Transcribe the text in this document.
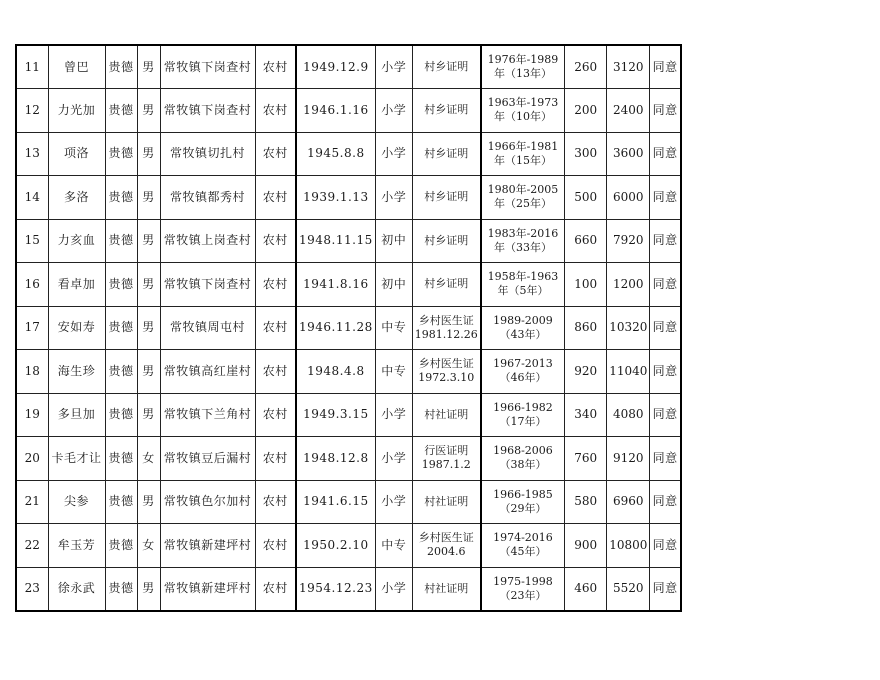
11	曾巴	贵德	男	常牧镇下岗查村	农村	1949.12.9	小学	村乡证明	1976年-1989年（13年）	260	3120	同意
12	力光加	贵德	男	常牧镇下岗查村	农村	1946.1.16	小学	村乡证明	1963年-1973年（10年）	200	2400	同意
13	项洛	贵德	男	常牧镇切扎村	农村	1945.8.8	小学	村乡证明	1966年-1981年（15年）	300	3600	同意
14	多洛	贵德	男	常牧镇都秀村	农村	1939.1.13	小学	村乡证明	1980年-2005年（25年）	500	6000	同意
15	力亥血	贵德	男	常牧镇上岗查村	农村	1948.11.15	初中	村乡证明	1983年-2016年（33年）	660	7920	同意
16	看卓加	贵德	男	常牧镇下岗查村	农村	1941.8.16	初中	村乡证明	1958年-1963年（5年）	100	1200	同意
17	安如寿	贵德	男	常牧镇周屯村	农村	1946.11.28	中专	乡村医生证1981.12.26	1989-2009　（43年）	860	10320	同意
18	海生珍	贵德	男	常牧镇高红崖村	农村	1948.4.8	中专	乡村医生证1972.3.10	1967-2013　（46年）	920	11040	同意
19	多旦加	贵德	男	常牧镇下兰角村	农村	1949.3.15	小学	村社证明	1966-1982　（17年）	340	4080	同意
20	卡毛才让	贵德	女	常牧镇豆后漏村	农村	1948.12.8	小学	行医证明1987.1.2	1968-2006　（38年）	760	9120	同意
21	尖参	贵德	男	常牧镇色尔加村	农村	1941.6.15	小学	村社证明	1966-1985　（29年）	580	6960	同意
22	牟玉芳	贵德	女	常牧镇新建坪村	农村	1950.2.10	中专	乡村医生证2004.6	1974-2016　（45年）	900	10800	同意
23	徐永武	贵德	男	常牧镇新建坪村	农村	1954.12.23	小学	村社证明	1975-1998　（23年）	460	5520	同意
